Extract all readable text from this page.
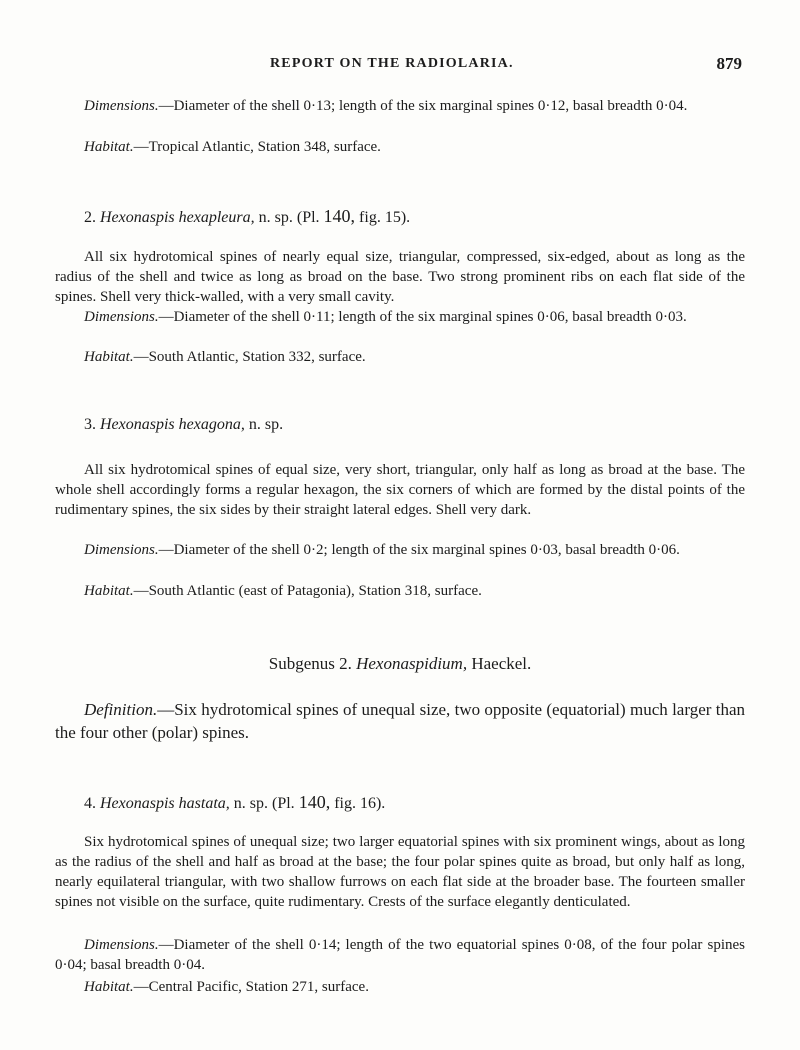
REPORT ON THE RADIOLARIA.	879
Dimensions.—Diameter of the shell 0·13; length of the six marginal spines 0·12, basal breadth 0·04.
Habitat.—Tropical Atlantic, Station 348, surface.
2. Hexonaspis hexapleura, n. sp. (Pl. 140, fig. 15).
All six hydrotomical spines of nearly equal size, triangular, compressed, six-edged, about as long as the radius of the shell and twice as long as broad on the base. Two strong prominent ribs on each flat side of the spines. Shell very thick-walled, with a very small cavity.
Dimensions.—Diameter of the shell 0·11; length of the six marginal spines 0·06, basal breadth 0·03.
Habitat.—South Atlantic, Station 332, surface.
3. Hexonaspis hexagona, n. sp.
All six hydrotomical spines of equal size, very short, triangular, only half as long as broad at the base. The whole shell accordingly forms a regular hexagon, the six corners of which are formed by the distal points of the rudimentary spines, the six sides by their straight lateral edges. Shell very dark.
Dimensions.—Diameter of the shell 0·2; length of the six marginal spines 0·03, basal breadth 0·06.
Habitat.—South Atlantic (east of Patagonia), Station 318, surface.
Subgenus 2. Hexonaspidium, Haeckel.
Definition.—Six hydrotomical spines of unequal size, two opposite (equatorial) much larger than the four other (polar) spines.
4. Hexonaspis hastata, n. sp. (Pl. 140, fig. 16).
Six hydrotomical spines of unequal size; two larger equatorial spines with six prominent wings, about as long as the radius of the shell and half as broad at the base; the four polar spines quite as broad, but only half as long, nearly equilateral triangular, with two shallow furrows on each flat side at the broader base. The fourteen smaller spines not visible on the surface, quite rudimentary. Crests of the surface elegantly denticulated.
Dimensions.—Diameter of the shell 0·14; length of the two equatorial spines 0·08, of the four polar spines 0·04; basal breadth 0·04.
Habitat.—Central Pacific, Station 271, surface.
